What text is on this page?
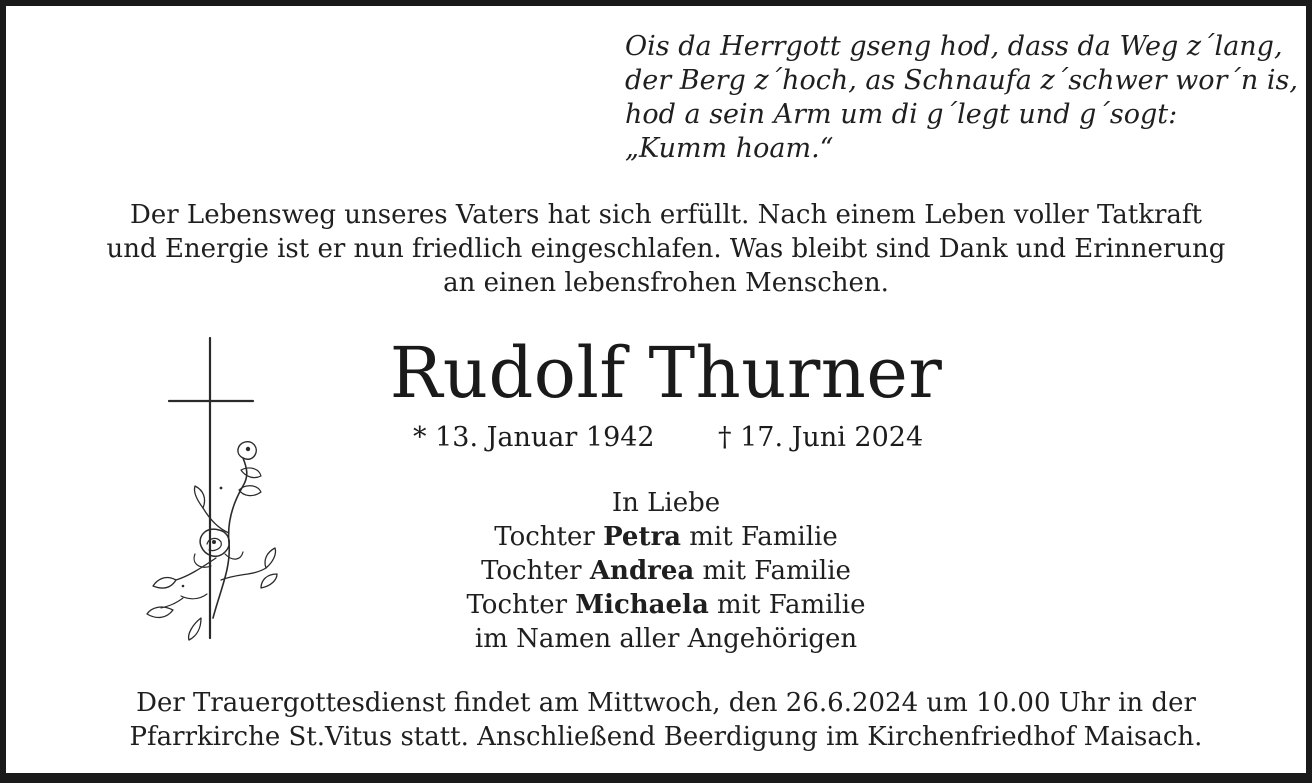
Ois da Herrgott gseng hod, dass da Weg z´lang,
der Berg z´hoch, as Schnaufa z´schwer wor´n is,
hod a sein Arm um di g´legt und g´sogt:
„Kumm hoam.“
Der Lebensweg unseres Vaters hat sich erfüllt. Nach einem Leben voller Tatkraft
und Energie ist er nun friedlich eingeschlafen. Was bleibt sind Dank und Erinnerung
an einen lebensfrohen Menschen.
Rudolf Thurner
* 13. Januar 1942 † 17. Juni 2024
In Liebe
Tochter Petra mit Familie
Tochter Andrea mit Familie
Tochter Michaela mit Familie
im Namen aller Angehörigen
Der Trauergottesdienst findet am Mittwoch, den 26.6.2024 um 10.00 Uhr in der
Pfarrkirche St.Vitus statt. Anschließend Beerdigung im Kirchenfriedhof Maisach.
